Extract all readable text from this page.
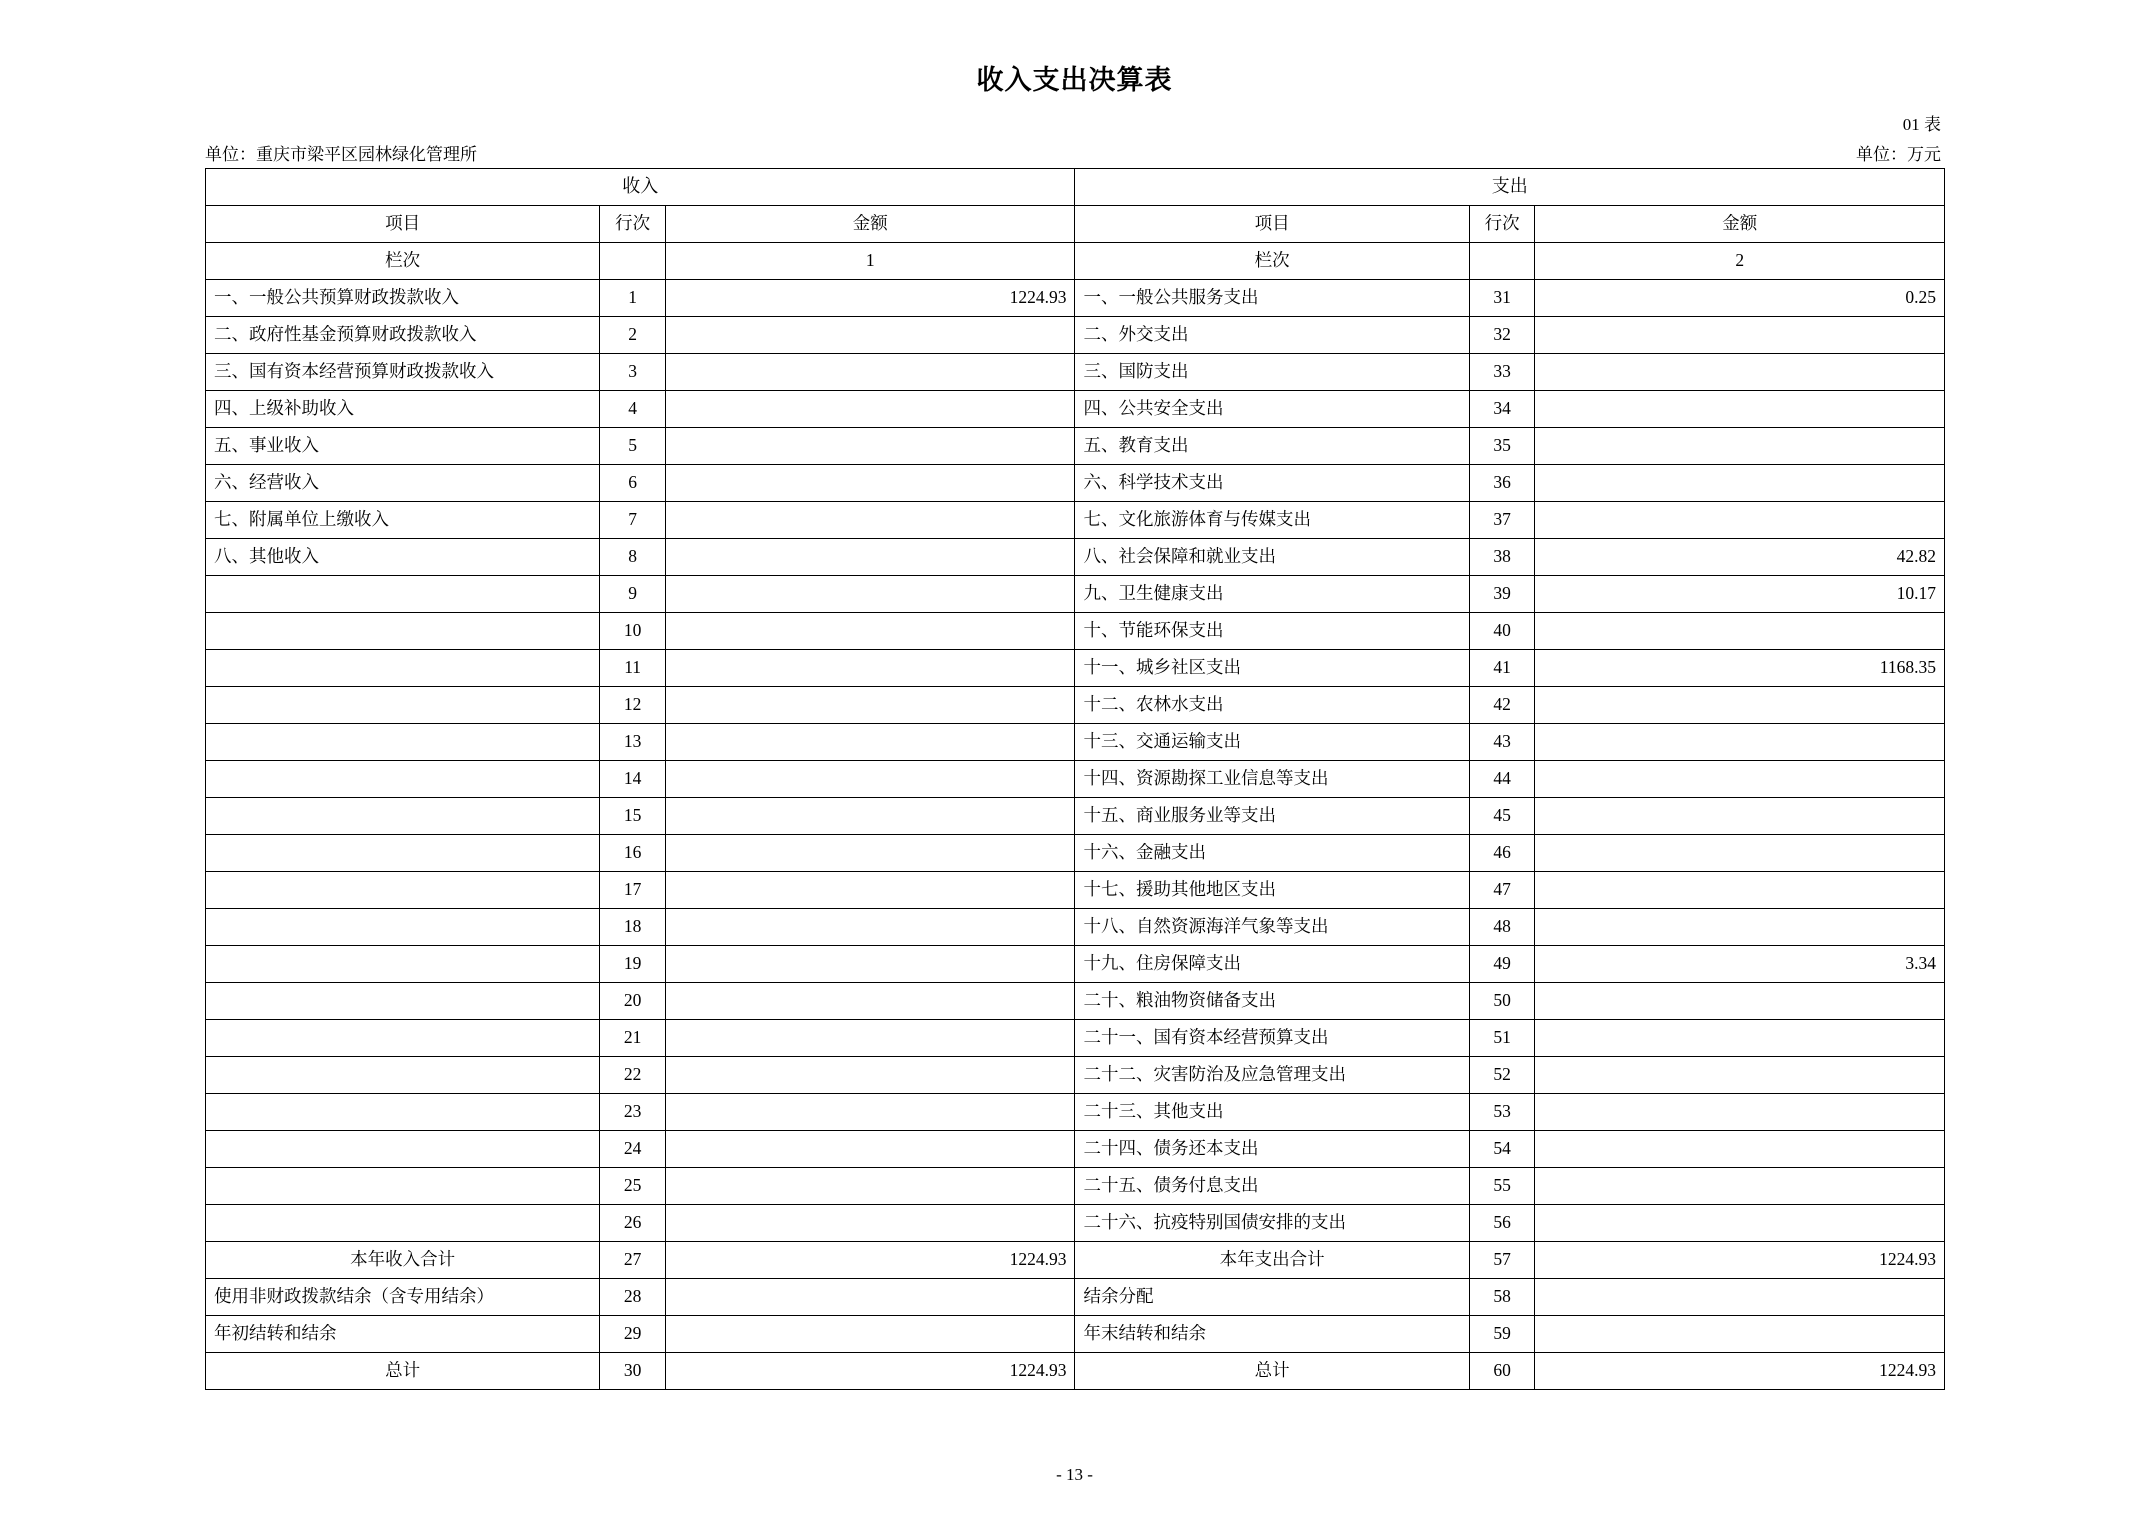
收入支出决算表
01 表
单位：重庆市梁平区园林绿化管理所	单位：万元
收入			支出		
项目	行次	金额	项目	行次	金额
栏次		1	栏次		2
一、一般公共预算财政拨款收入	1	1224.93	一、一般公共服务支出	31	0.25
二、政府性基金预算财政拨款收入	2		二、外交支出	32	
三、国有资本经营预算财政拨款收入	3		三、国防支出	33	
四、上级补助收入	4		四、公共安全支出	34	
五、事业收入	5		五、教育支出	35	
六、经营收入	6		六、科学技术支出	36	
七、附属单位上缴收入	7		七、文化旅游体育与传媒支出	37	
八、其他收入	8		八、社会保障和就业支出	38	42.82
	9		九、卫生健康支出	39	10.17
	10		十、节能环保支出	40	
	11		十一、城乡社区支出	41	1168.35
	12		十二、农林水支出	42	
	13		十三、交通运输支出	43	
	14		十四、资源勘探工业信息等支出	44	
	15		十五、商业服务业等支出	45	
	16		十六、金融支出	46	
	17		十七、援助其他地区支出	47	
	18		十八、自然资源海洋气象等支出	48	
	19		十九、住房保障支出	49	3.34
	20		二十、粮油物资储备支出	50	
	21		二十一、国有资本经营预算支出	51	
	22		二十二、灾害防治及应急管理支出	52	
	23		二十三、其他支出	53	
	24		二十四、债务还本支出	54	
	25		二十五、债务付息支出	55	
	26		二十六、抗疫特别国债安排的支出	56	
本年收入合计	27	1224.93	本年支出合计	57	1224.93
使用非财政拨款结余（含专用结余）	28		结余分配	58	
年初结转和结余	29		年末结转和结余	59	
总计	30	1224.93	总计	60	1224.93
- 13 -
